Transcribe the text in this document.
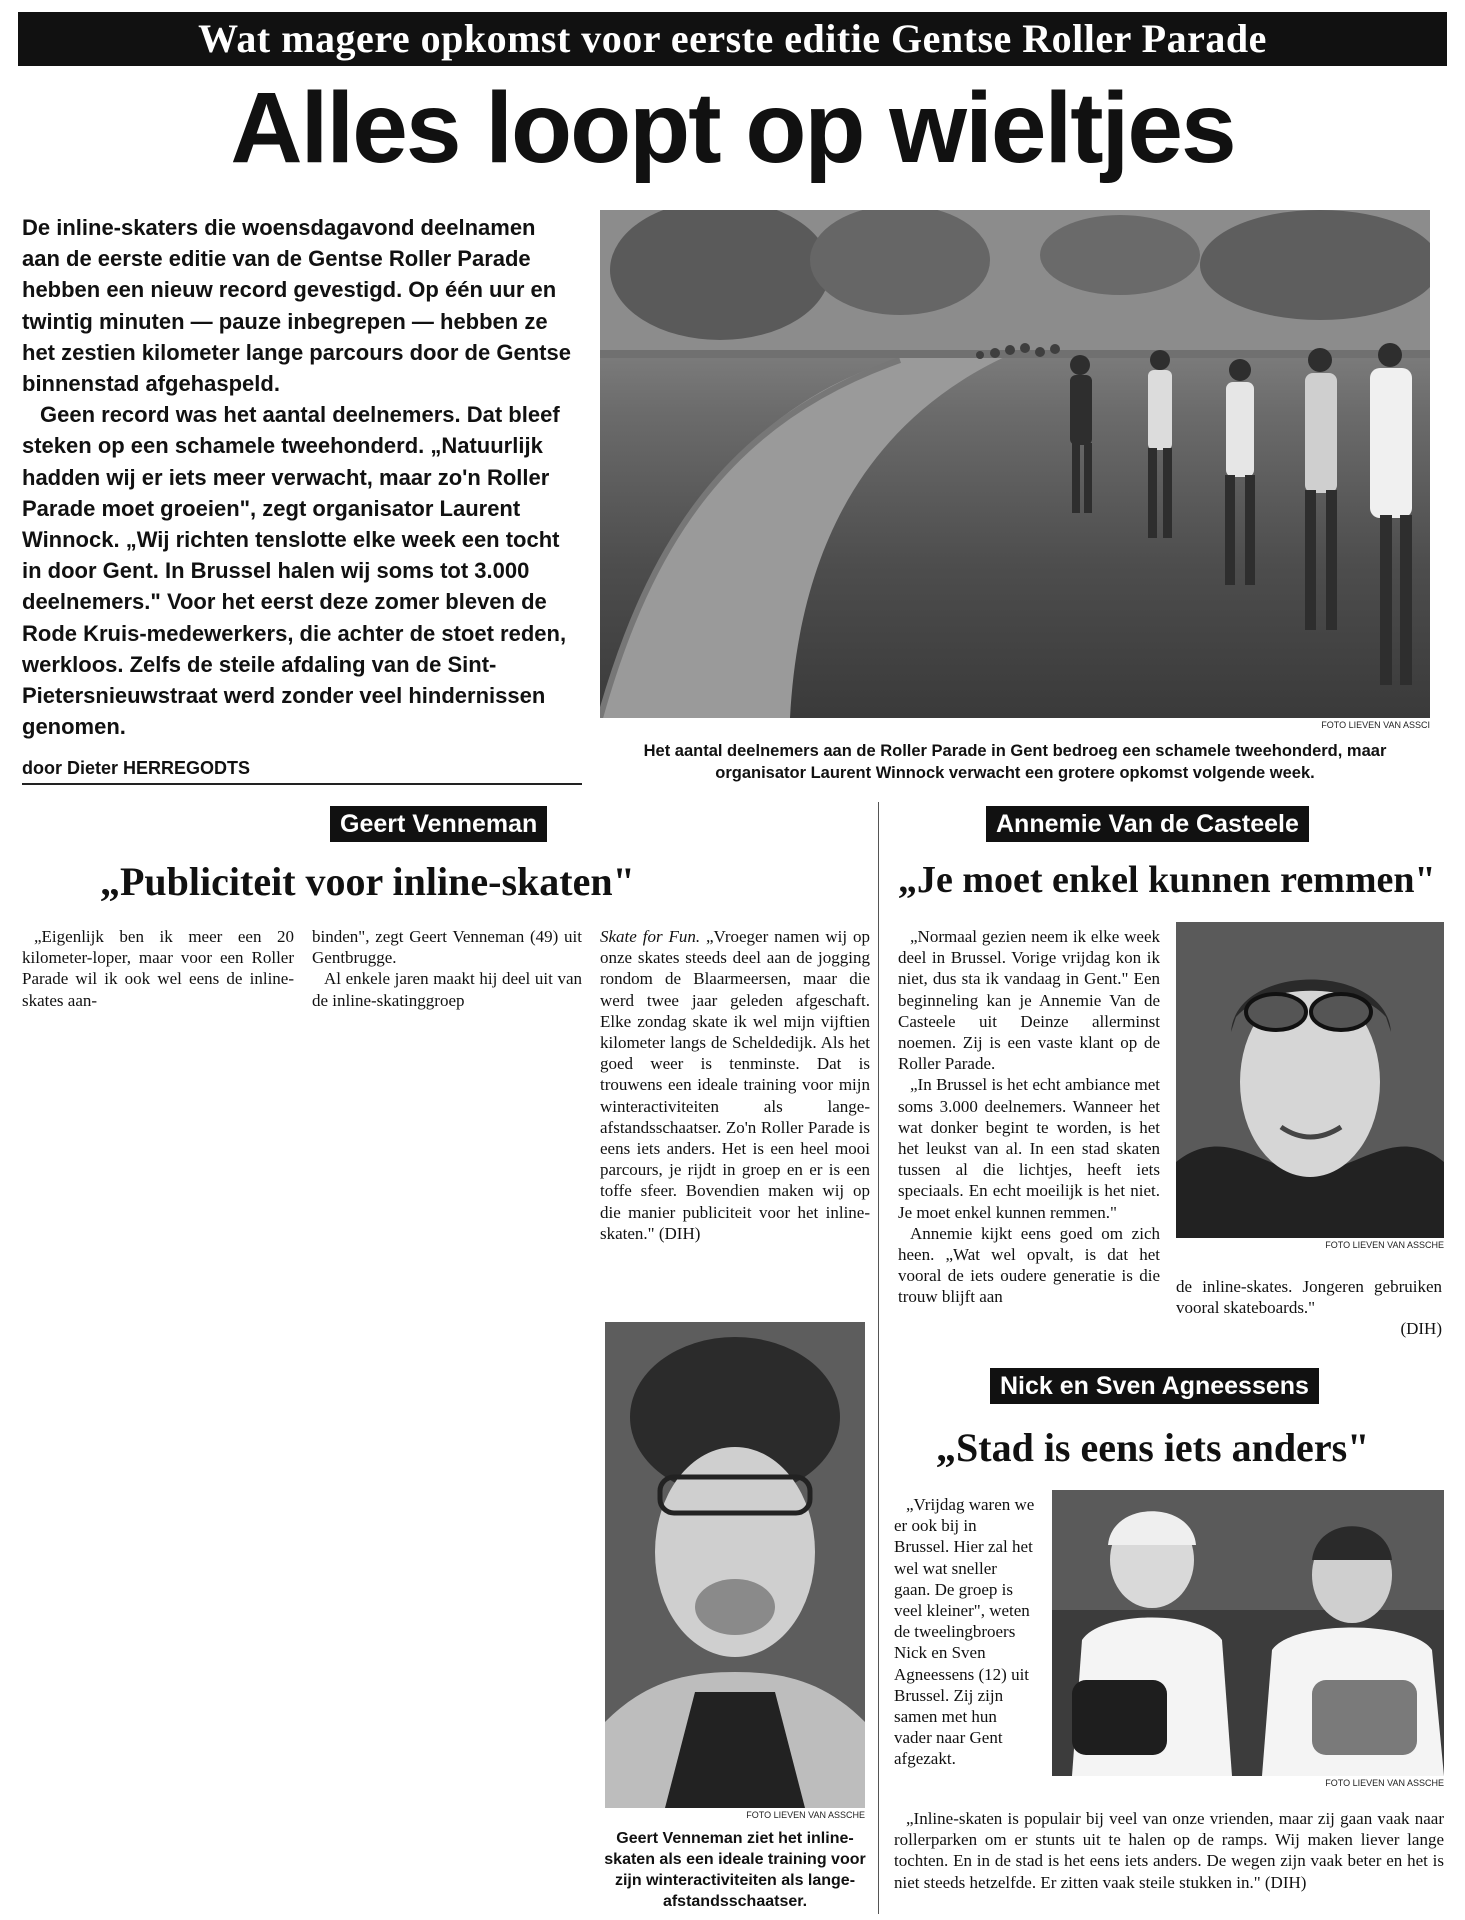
Wat magere opkomst voor eerste editie Gentse Roller Parade
Alles loopt op wieltjes

De inline-skaters die woensdagavond deelnamen aan de eerste editie van de Gentse Roller Parade hebben een nieuw record gevestigd. Op één uur en twintig minuten — pauze inbegrepen — hebben ze het zestien kilometer lange parcours door de Gentse binnenstad afgehaspeld.

Geen record was het aantal deelnemers. Dat bleef steken op een schamele tweehonderd. „Natuurlijk hadden wij er iets meer verwacht, maar zo'n Roller Parade moet groeien", zegt organisator Laurent Winnock. „Wij richten tenslotte elke week een tocht in door Gent. In Brussel halen wij soms tot 3.000 deelnemers." Voor het eerst deze zomer bleven de Rode Kruis-medewerkers, die achter de stoet reden, werkloos. Zelfs de steile afdaling van de Sint-Pietersnieuwstraat werd zonder veel hindernissen genomen.

door Dieter HERREGODTS
FOTO LIEVEN VAN ASSCI
Het aantal deelnemers aan de Roller Parade in Gent bedroeg een schamele tweehonderd, maar organisator Laurent Winnock verwacht een grotere opkomst volgende week.
Geert Venneman
„Publiciteit voor inline-skaten"

„Eigenlijk ben ik meer een 20 kilometer-loper, maar voor een Roller Parade wil ik ook wel eens de inline-skates aan-

binden", zegt Geert Venneman (49) uit Gentbrugge.

Al enkele jaren maakt hij deel uit van de inline-skatinggroep

Skate for Fun. „Vroeger namen wij op onze skates steeds deel aan de jogging rondom de Blaarmeersen, maar die werd twee jaar geleden afgeschaft. Elke zondag skate ik wel mijn vijftien kilometer langs de Scheldedijk. Als het goed weer is tenminste. Dat is trouwens een ideale training voor mijn winteractiviteiten als lange-afstandsschaatser. Zo'n Roller Parade is eens iets anders. Het is een heel mooi parcours, je rijdt in groep en er is een toffe sfeer. Bovendien maken wij op die manier publiciteit voor het inline-skaten." (DIH)

FOTO LIEVEN VAN ASSCHE
Geert Venneman ziet het inline-skaten als een ideale training voor zijn winteractiviteiten als lange-afstandsschaatser.
Annemie Van de Casteele
„Je moet enkel kunnen remmen"

„Normaal gezien neem ik elke week deel in Brussel. Vorige vrijdag kon ik niet, dus sta ik vandaag in Gent." Een beginneling kan je Annemie Van de Casteele uit Deinze allerminst noemen. Zij is een vaste klant op de Roller Parade.

„In Brussel is het echt ambiance met soms 3.000 deelnemers. Wanneer het wat donker begint te worden, is het het leukst van al. In een stad skaten tussen al die lichtjes, heeft iets speciaals. En echt moeilijk is het niet. Je moet enkel kunnen remmen."

Annemie kijkt eens goed om zich heen. „Wat wel opvalt, is dat het vooral de iets oudere generatie is die trouw blijft aan

FOTO LIEVEN VAN ASSCHE

de inline-skates. Jongeren gebruiken vooral skateboards."

(DIH)

Nick en Sven Agneessens
„Stad is eens iets anders"

„Vrijdag waren we er ook bij in Brussel. Hier zal het wel wat sneller gaan. De groep is veel kleiner", weten de tweelingbroers Nick en Sven Agneessens (12) uit Brussel. Zij zijn samen met hun vader naar Gent afgezakt.

FOTO LIEVEN VAN ASSCHE

„Inline-skaten is populair bij veel van onze vrienden, maar zij gaan vaak naar rollerparken om er stunts uit te halen op de ramps. Wij maken liever lange tochten. En in de stad is het eens iets anders. De wegen zijn vaak beter en het is niet steeds hetzelfde. Er zitten vaak steile stukken in." (DIH)
